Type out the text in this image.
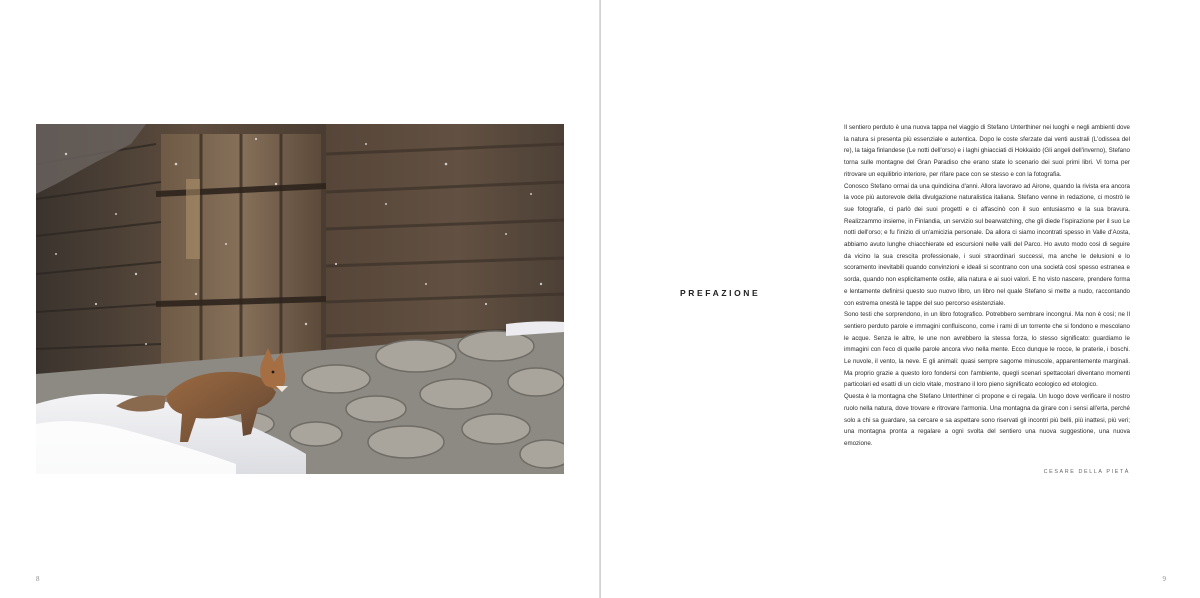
8
PREFAZIONE

Il sentiero perduto è una nuova tappa nel viaggio di Stefano Unterthiner nei luoghi e negli ambienti dove la natura si presenta più essenziale e autentica. Dopo le coste sferzate dai venti australi (L'odissea del re), la taiga finlandese (Le notti dell'orso) e i laghi ghiacciati di Hokkaido (Gli angeli dell'inverno), Stefano torna sulle montagne del Gran Paradiso che erano state lo scenario dei suoi primi libri. Vi torna per ritrovare un equilibrio interiore, per rifare pace con se stesso e con la fotografia.

Conosco Stefano ormai da una quindicina d'anni. Allora lavoravo ad Airone, quando la rivista era ancora la voce più autorevole della divulgazione naturalistica italiana. Stefano venne in redazione, ci mostrò le sue fotografie, ci parlò dei suoi progetti e ci affascinò con il suo entusiasmo e la sua bravura. Realizzammo insieme, in Finlandia, un servizio sul bearwatching, che gli diede l'ispirazione per il suo Le notti dell'orso; e fu l'inizio di un'amicizia personale. Da allora ci siamo incontrati spesso in Valle d'Aosta, abbiamo avuto lunghe chiacchierate ed escursioni nelle valli del Parco. Ho avuto modo così di seguire da vicino la sua crescita professionale, i suoi straordinari successi, ma anche le delusioni e lo scoramento inevitabili quando convinzioni e ideali si scontrano con una società così spesso estranea e sorda, quando non esplicitamente ostile, alla natura e ai suoi valori. E ho visto nascere, prendere forma e lentamente definirsi questo suo nuovo libro, un libro nel quale Stefano si mette a nudo, raccontando con estrema onestà le tappe del suo percorso esistenziale.

Sono testi che sorprendono, in un libro fotografico. Potrebbero sembrare incongrui. Ma non è così; ne Il sentiero perduto parole e immagini confluiscono, come i rami di un torrente che si fondono e mescolano le acque. Senza le altre, le une non avrebbero la stessa forza, lo stesso significato: guardiamo le immagini con l'eco di quelle parole ancora vivo nella mente. Ecco dunque le rocce, le praterie, i boschi. Le nuvole, il vento, la neve. E gli animali: quasi sempre sagome minuscole, apparentemente marginali. Ma proprio grazie a questo loro fondersi con l'ambiente, quegli scenari spettacolari diventano momenti particolari ed esatti di un ciclo vitale, mostrano il loro pieno significato ecologico ed etologico.

Questa è la montagna che Stefano Unterthiner ci propone e ci regala. Un luogo dove verificare il nostro ruolo nella natura, dove trovare e ritrovare l'armonia. Una montagna da girare con i sensi all'erta, perché solo a chi sa guardare, sa cercare e sa aspettare sono riservati gli incontri più belli, più inattesi, più veri; una montagna pronta a regalare a ogni svolta del sentiero una nuova suggestione, una nuova emozione.

CESARE DELLA PIETÀ
9
